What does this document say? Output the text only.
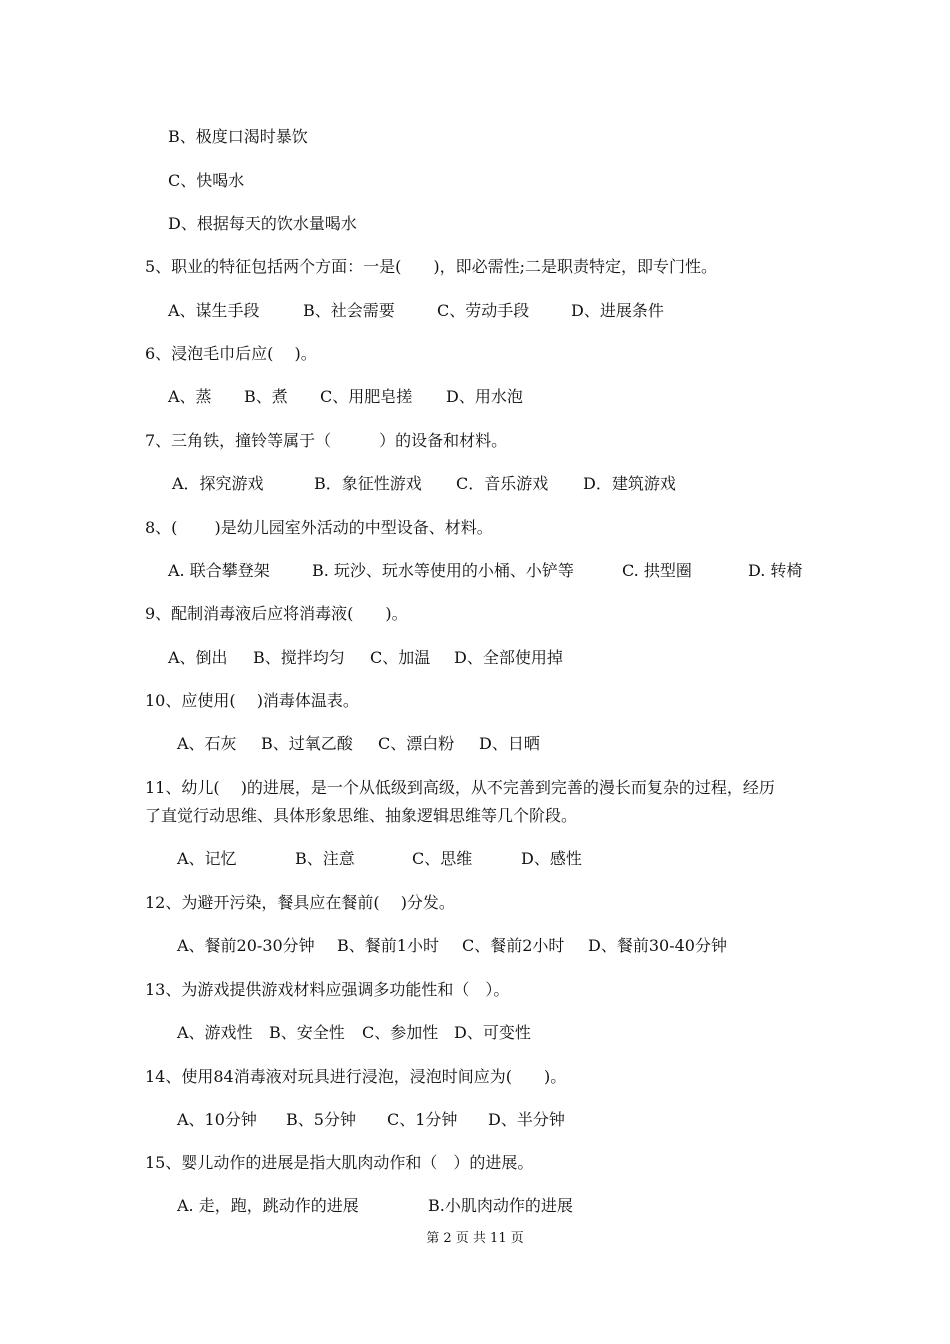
B、极度口渴时暴饮
C、快喝水
D、根据每天的饮水量喝水
5、职业的特征包括两个方面：一是(　　)，即必需性;二是职责特定，即专门性。
A、谋生手段	B、社会需要	C、劳动手段	D、进展条件
6、浸泡毛巾后应(　 )。
A、蒸 B、煮 C、用肥皂搓 D、用水泡
7、三角铁，撞铃等属于（　　　）的设备和材料。
A．探究游戏	B．象征性游戏 C．音乐游戏 D．建筑游戏
8、(　　 )是幼儿园室外活动的中型设备、材料。
A. 联合攀登架	B. 玩沙、玩水等使用的小桶、小铲等	C. 拱型圈	D. 转椅
9、配制消毒液后应将消毒液(　　)。
A、倒出 B、搅拌均匀 C、加温 D、全部使用掉
10、应使用(　 )消毒体温表。
A、石灰 B、过氧乙酸 C、漂白粉 D、日晒
11、幼儿(　 )的进展，是一个从低级到高级，从不完善到完善的漫长而复杂的过程，经历
了直觉行动思维、具体形象思维、抽象逻辑思维等几个阶段。
A、记忆	B、注意	C、思维	D、感性
12、为避开污染，餐具应在餐前(　 )分发。
A、餐前20-30分钟 B、餐前1小时 C、餐前2小时 D、餐前30-40分钟
13、为游戏提供游戏材料应强调多功能性和（　）。
A、游戏性 B、安全性 C、参加性 D、可变性
14、使用84消毒液对玩具进行浸泡，浸泡时间应为(　　)。
A、10分钟 B、5分钟 C、1分钟 D、半分钟
15、婴儿动作的进展是指大肌肉动作和（　）的进展。
A. 走，跑，跳动作的进展	B.小肌肉动作的进展
第 2 页 共 11 页
